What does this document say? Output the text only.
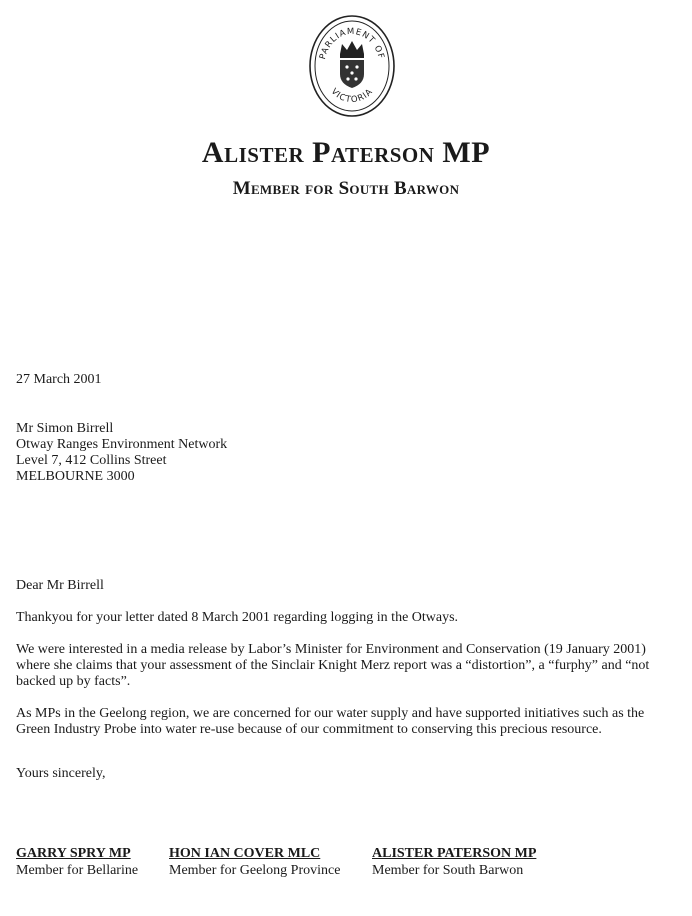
PARLIAMENT OF
VICTORIA
Alister Paterson MP
Member for South Barwon
27 March 2001
Mr Simon Birrell
Otway Ranges Environment Network
Level 7, 412 Collins Street
MELBOURNE 3000
Dear Mr Birrell

Thankyou for your letter dated 8 March 2001 regarding logging in the Otways.

We were interested in a media release by Labor’s Minister for Environment and Conservation (19 January 2001) where she claims that your assessment of the Sinclair Knight Merz report was a “distortion”, a “furphy” and “not backed up by facts”.

As MPs in the Geelong region, we are concerned for our water supply and have supported initiatives such as the Green Industry Probe into water re-use because of our commitment to conserving this precious resource.

Yours sincerely,
GARRY SPRY MP
Member for Bellarine
HON IAN COVER MLC
Member for Geelong Province
ALISTER PATERSON MP
Member for South Barwon
